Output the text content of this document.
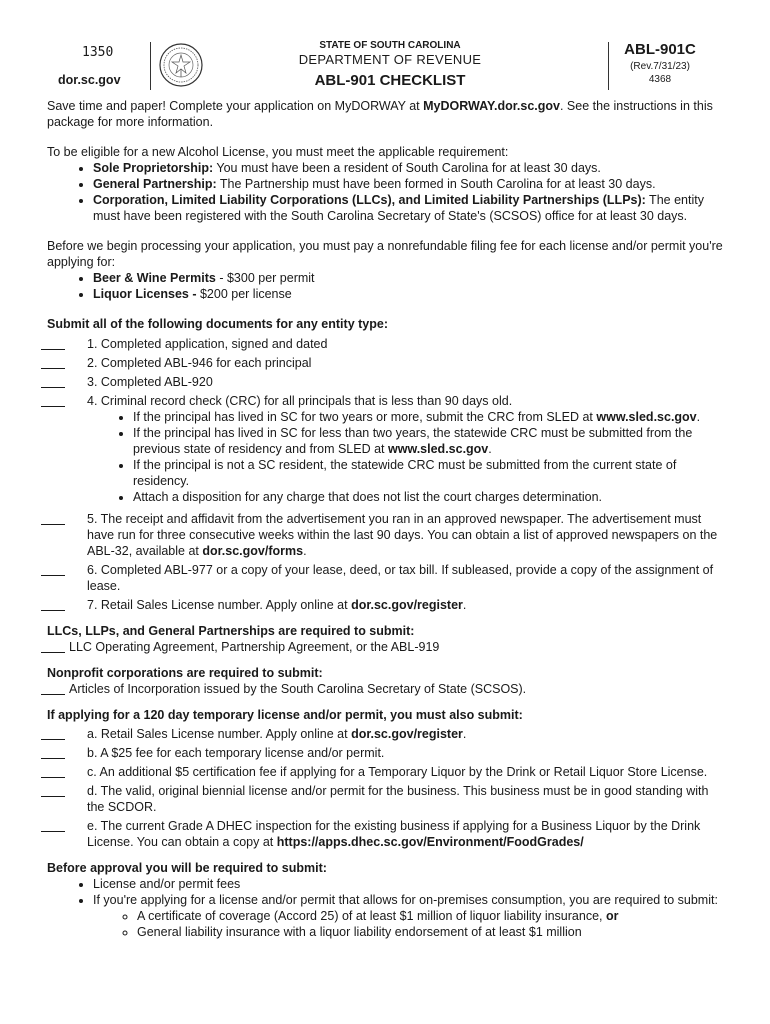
1350
dor.sc.gov
STATE OF SOUTH CAROLINA
DEPARTMENT OF REVENUE
ABL-901 CHECKLIST
ABL-901C
(Rev.7/31/23)
4368

Save time and paper! Complete your application on MyDORWAY at MyDORWAY.dor.sc.gov. See the instructions in this package for more information.

To be eligible for a new Alcohol License, you must meet the applicable requirement:

• Sole Proprietorship: You must have been a resident of South Carolina for at least 30 days.
• General Partnership: The Partnership must have been formed in South Carolina for at least 30 days.
• Corporation, Limited Liability Corporations (LLCs), and Limited Liability Partnerships (LLPs): The entity must have been registered with the South Carolina Secretary of State's (SCSOS) office for at least 30 days.

Before we begin processing your application, you must pay a nonrefundable filing fee for each license and/or permit you're applying for:

• Beer & Wine Permits - $300 per permit
• Liquor Licenses - $200 per license

Submit all of the following documents for any entity type:

1. Completed application, signed and dated
2. Completed ABL-946 for each principal
3. Completed ABL-920
4. Criminal record check (CRC) for all principals that is less than 90 days old.
• If the principal has lived in SC for two years or more, submit the CRC from SLED at www.sled.sc.gov.
• If the principal has lived in SC for less than two years, the statewide CRC must be submitted from the previous state of residency and from SLED at www.sled.sc.gov.
• If the principal is not a SC resident, the statewide CRC must be submitted from the current state of residency.
• Attach a disposition for any charge that does not list the court charges determination.
5. The receipt and affidavit from the advertisement you ran in an approved newspaper. The advertisement must have run for three consecutive weeks within the last 90 days. You can obtain a list of approved newspapers on the ABL-32, available at dor.sc.gov/forms.
6. Completed ABL-977 or a copy of your lease, deed, or tax bill. If subleased, provide a copy of the assignment of lease.
7. Retail Sales License number. Apply online at dor.sc.gov/register.

LLCs, LLPs, and General Partnerships are required to submit:

LLC Operating Agreement, Partnership Agreement, or the ABL-919

Nonprofit corporations are required to submit:

Articles of Incorporation issued by the South Carolina Secretary of State (SCSOS).

If applying for a 120 day temporary license and/or permit, you must also submit:

a. Retail Sales License number. Apply online at dor.sc.gov/register.
b. A $25 fee for each temporary license and/or permit.
c. An additional $5 certification fee if applying for a Temporary Liquor by the Drink or Retail Liquor Store License.
d. The valid, original biennial license and/or permit for the business. This business must be in good standing with the SCDOR.
e. The current Grade A DHEC inspection for the existing business if applying for a Business Liquor by the Drink License. You can obtain a copy at https://apps.dhec.sc.gov/Environment/FoodGrades/

Before approval you will be required to submit:

• License and/or permit fees
• If you're applying for a license and/or permit that allows for on-premises consumption, you are required to submit:
◦ A certificate of coverage (Accord 25) of at least $1 million of liquor liability insurance, or
◦ General liability insurance with a liquor liability endorsement of at least $1 million
